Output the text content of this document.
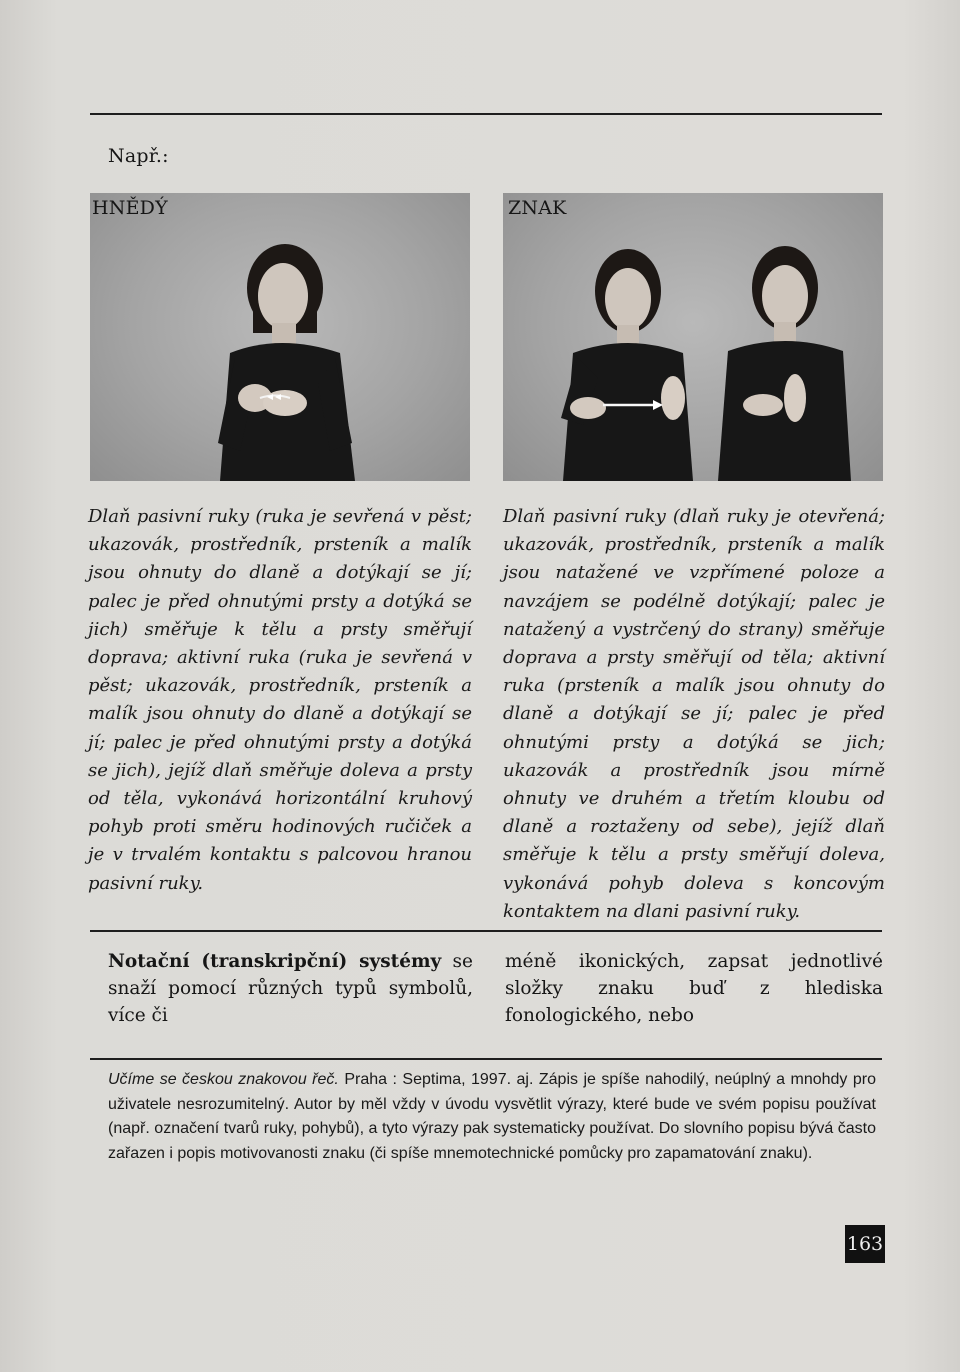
Např.:
HNĚDÝ
Dlaň pasivní ruky (ruka je sevřená v pěst; ukazovák, prostředník, prsteník a malík jsou ohnuty do dlaně a dotýkají se jí; palec je před ohnutými prsty a dotýká se jich) směřuje k tělu a prsty směřují doprava; aktivní ruka (ruka je sevřená v pěst; ukazovák, prostředník, prsteník a malík jsou ohnuty do dlaně a dotýkají se jí; palec je před ohnutými prsty a dotýká se jich), jejíž dlaň směřuje doleva a prsty od těla, vykonává horizontální kruhový pohyb proti směru hodinových ručiček a je v trvalém kontaktu s palcovou hranou pasivní ruky.
ZNAK
Dlaň pasivní ruky (dlaň ruky je otevřená; ukazovák, prostředník, prsteník a malík jsou natažené ve vzpřímené poloze a navzájem se podélně dotýkají; palec je natažený a vystrčený do strany) směřuje doprava a prsty směřují od těla; aktivní ruka (prsteník a malík jsou ohnuty do dlaně a dotýkají se jí; palec je před ohnutými prsty a dotýká se jich; ukazovák a prostředník jsou mírně ohnuty ve druhém a třetím kloubu od dlaně a roztaženy od sebe), jejíž dlaň směřuje k tělu a prsty směřují doleva, vykonává pohyb doleva s koncovým kontaktem na dlani pasivní ruky.
Notační (transkripční) systémy se snaží pomocí různých typů symbolů, více či
méně ikonických, zapsat jednotlivé složky znaku buď z hlediska fonologického, nebo
Učíme se českou znakovou řeč. Praha : Septima, 1997. aj. Zápis je spíše nahodilý, neúplný a mnohdy pro uživatele nesrozumitelný. Autor by měl vždy v úvodu vysvětlit výrazy, které bude ve svém popisu používat (např. označení tvarů ruky, pohybů), a tyto výrazy pak systematicky používat. Do slovního popisu bývá často zařazen i popis motivovanosti znaku (či spíše mnemotechnické pomůcky pro zapamatování znaku).
163
